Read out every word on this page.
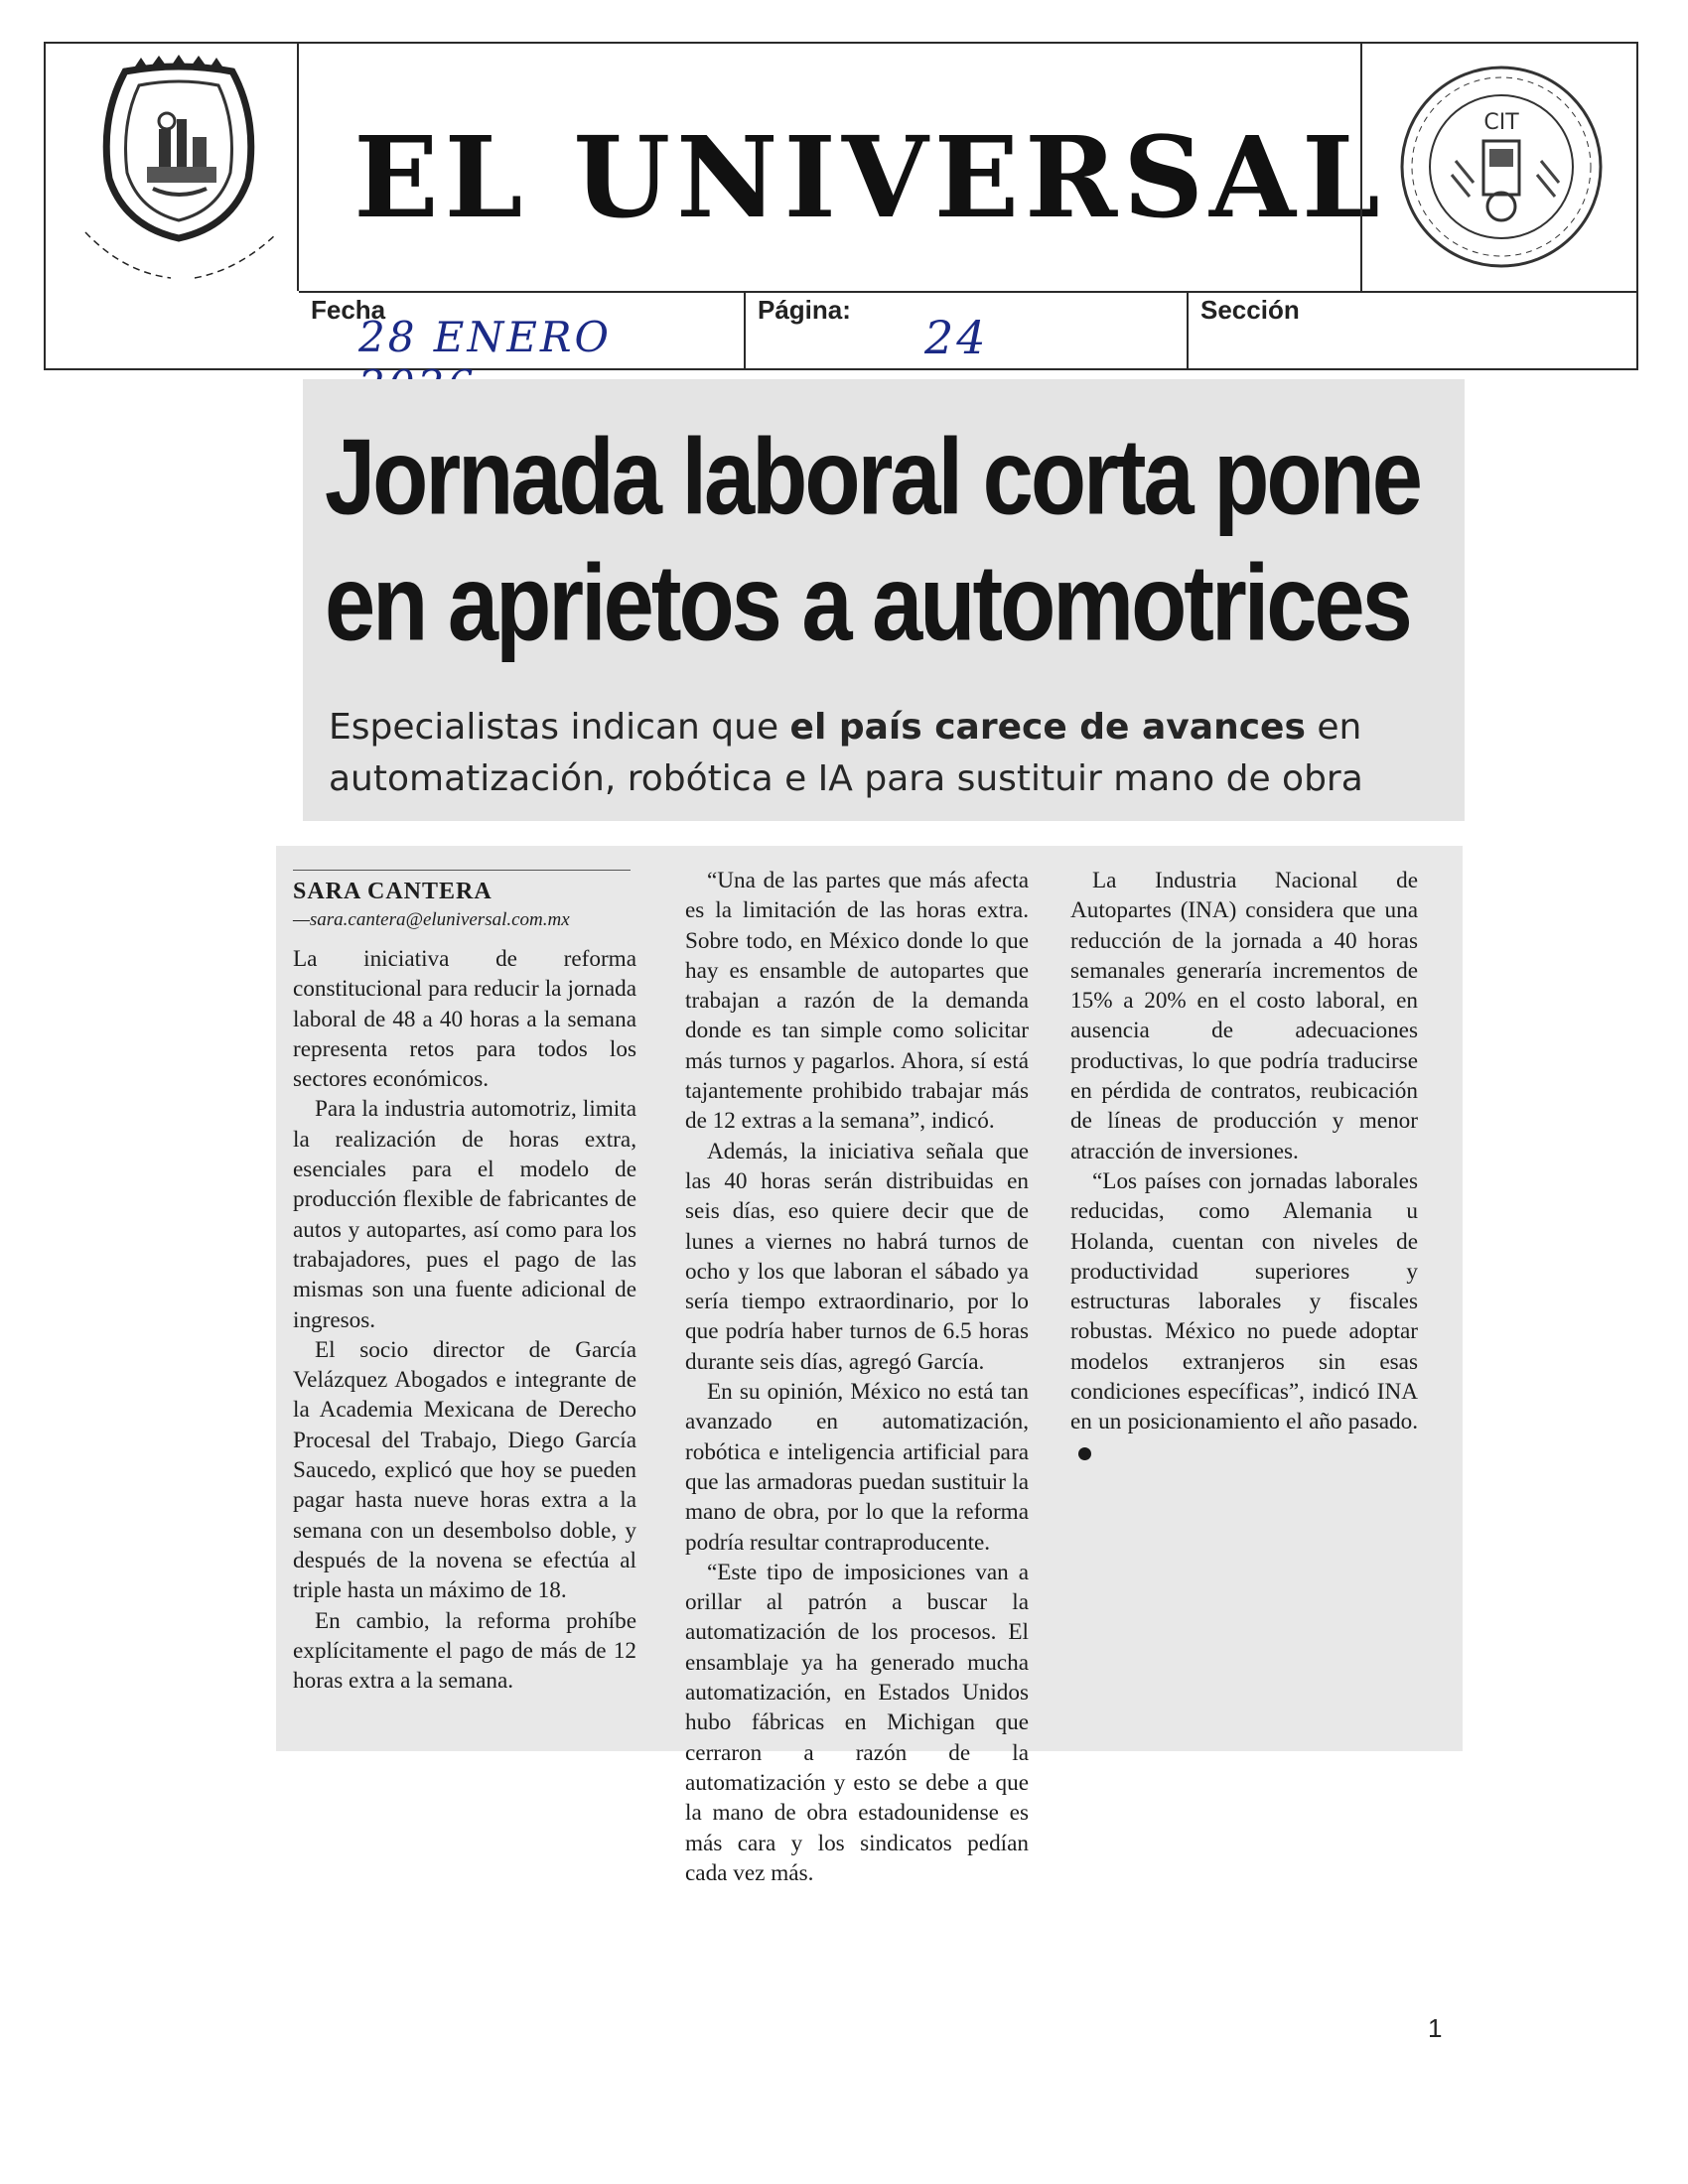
EL UNIVERSAL	CIT
Fecha
28 ENERO
Página:
24
Sección
Jornada laboral corta pone
en aprietos a automotrices
Especialistas indican que el país carece de avances en automatización, robótica e IA para sustituir mano de obra
SARA CANTERA
—sara.cantera@eluniversal.com.mx

La iniciativa de reforma constitucional para reducir la jornada laboral de 48 a 40 horas a la semana representa retos para todos los sectores económicos.

Para la industria automotriz, limita la realización de horas extra, esenciales para el modelo de producción flexible de fabricantes de autos y autopartes, así como para los trabajadores, pues el pago de las mismas son una fuente adicional de ingresos.

El socio director de García Velázquez Abogados e integrante de la Academia Mexicana de Derecho Procesal del Trabajo, Diego García Saucedo, explicó que hoy se pueden pagar hasta nueve horas extra a la semana con un desembolso doble, y después de la novena se efectúa al triple hasta un máximo de 18.

En cambio, la reforma prohíbe explícitamente el pago de más de 12 horas extra a la semana.

“Una de las partes que más afecta es la limitación de las horas extra. Sobre todo, en México donde lo que hay es ensamble de autopartes que trabajan a razón de la demanda donde es tan simple como solicitar más turnos y pagarlos. Ahora, sí está tajantemente prohibido trabajar más de 12 extras a la semana”, indicó.

Además, la iniciativa señala que las 40 horas serán distribuidas en seis días, eso quiere decir que de lunes a viernes no habrá turnos de ocho y los que laboran el sábado ya sería tiempo extraordinario, por lo que podría haber turnos de 6.5 horas durante seis días, agregó García.

En su opinión, México no está tan avanzado en automatización, robótica e inteligencia artificial para que las armadoras puedan sustituir la mano de obra, por lo que la reforma podría resultar contraproducente.

“Este tipo de imposiciones van a orillar al patrón a buscar la automatización de los procesos. El ensamblaje ya ha generado mucha automatización, en Estados Unidos hubo fábricas en Michigan que cerraron a razón de la automatización y esto se debe a que la mano de obra estadounidense es más cara y los sindicatos pedían cada vez más.

La Industria Nacional de Autopartes (INA) considera que una reducción de la jornada a 40 horas semanales generaría incrementos de 15% a 20% en el costo laboral, en ausencia de adecuaciones productivas, lo que podría traducirse en pérdida de contratos, reubicación de líneas de producción y menor atracción de inversiones.

“Los países con jornadas laborales reducidas, como Alemania u Holanda, cuentan con niveles de productividad superiores y estructuras laborales y fiscales robustas. México no puede adoptar modelos extranjeros sin esas condiciones específicas”, indicó INA en un posicionamiento el año pasado.

1
